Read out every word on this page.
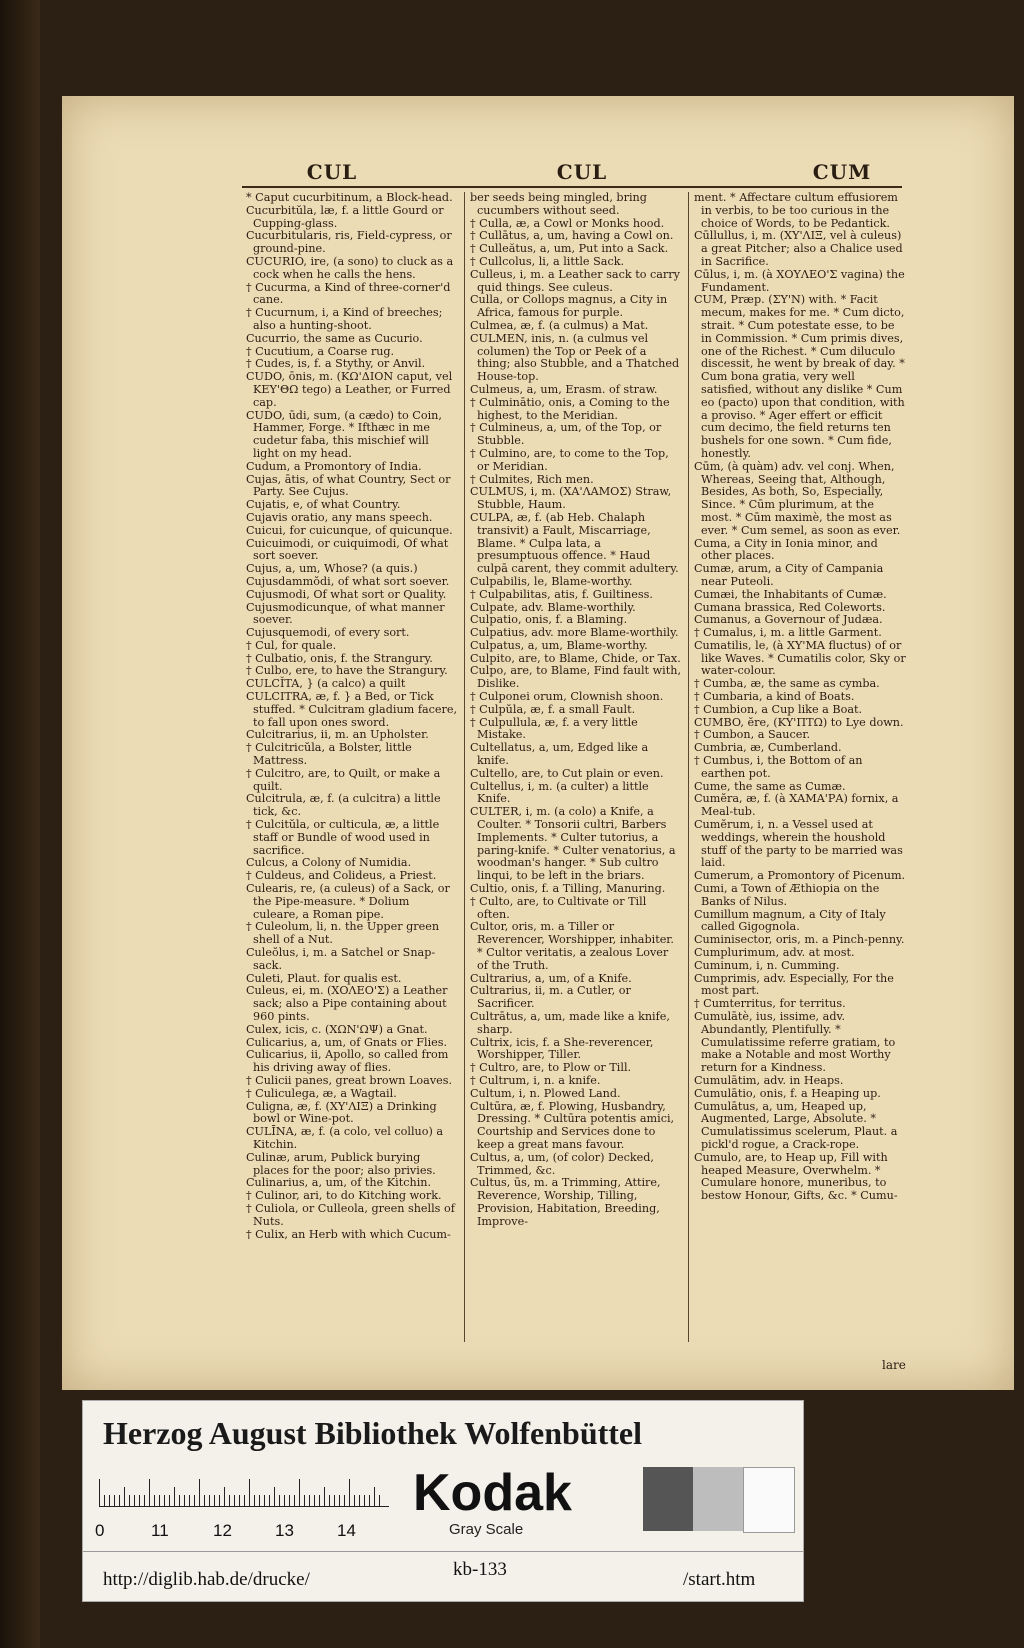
CUL	CUL	CUM

* Caput cucurbitinum, a Block-head.

Cucurbitŭla, læ, f. a little Gourd or Cupping-glass.

Cucurbitularis, ris, Field-cypress, or ground-pine.

CUCURIO, ire, (a sono) to cluck as a cock when he calls the hens.

† Cucurma, a Kind of three-corner'd cane.

† Cucurnum, i, a Kind of breeches; also a hunting-shoot.

Cucurrio, the same as Cucurio.

† Cucutium, a Coarse rug.

† Cudes, is, f. a Stythy, or Anvil.

CUDO, ōnis, m. (ΚΩ'ΔΙΟΝ caput, vel ΚΕΥ'ΘΩ tego) a Leather, or Furred cap.

CUDO, ūdi, sum, (a cædo) to Coin, Hammer, Forge. * Ifthæc in me cudetur faba, this mischief will light on my head.

Cudum, a Promontory of India.

Cujas, ātis, of what Country, Sect or Party. See Cujus.

Cujatis, e, of what Country.

Cujavis oratio, any mans speech.

Cuicui, for cuicunque, of quicunque.

Cuicuimodi, or cuiquimodi, Of what sort soever.

Cujus, a, um, Whose? (a quis.)

Cujusdammŏdi, of what sort soever.

Cujusmodi, Of what sort or Quality.

Cujusmodicunque, of what manner soever.

Cujusquemodi, of every sort.

† Cul, for quale.

† Culbatio, onis, f. the Strangury.

† Culbo, ere, to have the Strangury.

CULCĬTA, } (a calco) a quilt

CULCITRA, æ, f. } a Bed, or Tick stuffed. * Culcitram gladium facere, to fall upon ones sword.

Culcitrarius, ii, m. an Upholster.

† Culcitricŭla, a Bolster, little Mattress.

† Culcitro, are, to Quilt, or make a quilt.

Culcitrula, æ, f. (a culcitra) a little tick, &c.

† Culcitŭla, or culticula, æ, a little staff or Bundle of wood used in sacrifice.

Culcus, a Colony of Numidia.

† Culdeus, and Colideus, a Priest.

Culearis, re, (a culeus) of a Sack, or the Pipe-measure. * Dolium culeare, a Roman pipe.

† Culeolum, li, n. the Upper green shell of a Nut.

Culeŏlus, i, m. a Satchel or Snap-sack.

Culeti, Plaut. for qualis est.

Culeus, ei, m. (ΧΟΛΕΟ'Σ) a Leather sack; also a Pipe containing about 960 pints.

Culex, icis, c. (ΧΩΝ'ΩΨ) a Gnat.

Culicarius, a, um, of Gnats or Flies.

Culicarius, ii, Apollo, so called from his driving away of flies.

† Culicii panes, great brown Loaves.

† Culiculega, æ, a Wagtail.

Culigna, æ, f. (ΧΥ'ΛΙΞ) a Drinking bowl or Wine-pot.

CULĪNA, æ, f. (a colo, vel colluo) a Kitchin.

Culinæ, arum, Publick burying places for the poor; also privies.

Culinarius, a, um, of the Kitchin.

† Culinor, ari, to do Kitching work.

† Culiola, or Culleola, green shells of Nuts.

† Culix, an Herb with which Cucum-

ber seeds being mingled, bring cucumbers without seed.

† Culla, æ, a Cowl or Monks hood.

† Cullātus, a, um, having a Cowl on.

† Culleătus, a, um, Put into a Sack.

† Cullcolus, li, a little Sack.

Culleus, i, m. a Leather sack to carry quid things. See culeus.

Culla, or Collops magnus, a City in Africa, famous for purple.

Culmea, æ, f. (a culmus) a Mat.

CULMEN, inis, n. (a culmus vel columen) the Top or Peek of a thing; also Stubble, and a Thatched House-top.

Culmeus, a, um, Erasm. of straw.

† Culminātio, onis, a Coming to the highest, to the Meridian.

† Culmineus, a, um, of the Top, or Stubble.

† Culmino, are, to come to the Top, or Meridian.

† Culmites, Rich men.

CULMUS, i, m. (ΧΑ'ΛΑΜΟΣ) Straw, Stubble, Haum.

CULPA, æ, f. (ab Heb. Chalaph transivit) a Fault, Miscarriage, Blame. * Culpa lata, a presumptuous offence. * Haud culpā carent, they commit adultery.

Culpabilis, le, Blame-worthy.

† Culpabilitas, atis, f. Guiltiness.

Culpate, adv. Blame-worthily.

Culpatio, onis, f. a Blaming.

Culpatius, adv. more Blame-worthily.

Culpatus, a, um, Blame-worthy.

Culpito, are, to Blame, Chide, or Tax.

Culpo, are, to Blame, Find fault with, Dislike.

† Culponei orum, Clownish shoon.

† Culpŭla, æ, f. a small Fault.

† Culpullula, æ, f. a very little Mistake.

Cultellatus, a, um, Edged like a knife.

Cultello, are, to Cut plain or even.

Cultellus, i, m. (a culter) a little Knife.

CULTER, i, m. (a colo) a Knife, a Coulter. * Tonsorii cultri, Barbers Implements. * Culter tutorius, a paring-knife. * Culter venatorius, a woodman's hanger. * Sub cultro linqui, to be left in the briars.

Cultio, onis, f. a Tilling, Manuring.

† Culto, are, to Cultivate or Till often.

Cultor, oris, m. a Tiller or Reverencer, Worshipper, inhabiter. * Cultor veritatis, a zealous Lover of the Truth.

Cultrarius, a, um, of a Knife.

Cultrarius, ii, m. a Cutler, or Sacrificer.

Cultrātus, a, um, made like a knife, sharp.

Cultrix, icis, f. a She-reverencer, Worshipper, Tiller.

† Cultro, are, to Plow or Till.

† Cultrum, i, n. a knife.

Cultum, i, n. Plowed Land.

Cultūra, æ, f. Plowing, Husbandry, Dressing. * Cultūra potentis amici, Courtship and Services done to keep a great mans favour.

Cultus, a, um, (of color) Decked, Trimmed, &c.

Cultus, ūs, m. a Trimming, Attire, Reverence, Worship, Tilling, Provision, Habitation, Breeding, Improve-

ment. * Affectare cultum effusiorem in verbis, to be too curious in the choice of Words, to be Pedantick.

Cūllullus, i, m. (ΧΥ'ΛΙΞ, vel à culeus) a great Pitcher; also a Chalice used in Sacrifice.

Cūlus, i, m. (à ΧΟΥΛΕΟ'Σ vagina) the Fundament.

CUM, Præp. (ΣΥ'Ν) with. * Facit mecum, makes for me. * Cum dicto, strait. * Cum potestate esse, to be in Commission. * Cum primis dives, one of the Richest. * Cum diluculo discessit, he went by break of day. * Cum bona gratia, very well satisfied, without any dislike * Cum eo (pacto) upon that condition, with a proviso. * Ager effert or efficit cum decimo, the field returns ten bushels for one sown. * Cum fide, honestly.

Cūm, (à quàm) adv. vel conj. When, Whereas, Seeing that, Although, Besides, As both, So, Especially, Since. * Cūm plurimum, at the most. * Cūm maximè, the most as ever. * Cum semel, as soon as ever.

Cuma, a City in Ionia minor, and other places.

Cumæ, arum, a City of Campania near Puteoli.

Cumæi, the Inhabitants of Cumæ.

Cumana brassica, Red Coleworts.

Cumanus, a Governour of Judæa.

† Cumalus, i, m. a little Garment.

Cumatilis, le, (à ΧΥ'ΜΑ fluctus) of or like Waves. * Cumatilis color, Sky or water-colour.

† Cumba, æ, the same as cymba.

† Cumbaria, a kind of Boats.

† Cumbion, a Cup like a Boat.

CUMBO, ĕre, (ΚΥ'ΠΤΩ) to Lye down.

† Cumbon, a Saucer.

Cumbria, æ, Cumberland.

† Cumbus, i, the Bottom of an earthen pot.

Cume, the same as Cumæ.

Cumĕra, æ, f. (à ΧΑΜΑ'ΡΑ) fornix, a Meal-tub.

Cumĕrum, i, n. a Vessel used at weddings, wherein the houshold stuff of the party to be married was laid.

Cumerum, a Promontory of Picenum.

Cumi, a Town of Æthiopia on the Banks of Nilus.

Cumillum magnum, a City of Italy called Gigognola.

Cuminisector, oris, m. a Pinch-penny.

Cumplurimum, adv. at most.

Cuminum, i, n. Cumming.

Cumprimis, adv. Especially, For the most part.

† Cumterritus, for territus.

Cumulātè, ius, issime, adv. Abundantly, Plentifully. * Cumulatissime referre gratiam, to make a Notable and most Worthy return for a Kindness.

Cumulātim, adv. in Heaps.

Cumulātio, onis, f. a Heaping up.

Cumulātus, a, um, Heaped up, Augmented, Large, Absolute. * Cumulatissimus scelerum, Plaut. a pickl'd rogue, a Crack-rope.

Cumulo, are, to Heap up, Fill with heaped Measure, Overwhelm. * Cumulare honore, muneribus, to bestow Honour, Gifts, &c. * Cumu-

lare
Herzog August Bibliothek Wolfenbüttel
0	11	12	13	14
Kodak
Gray Scale
http://diglib.hab.de/drucke/	kb-133	/start.htm
